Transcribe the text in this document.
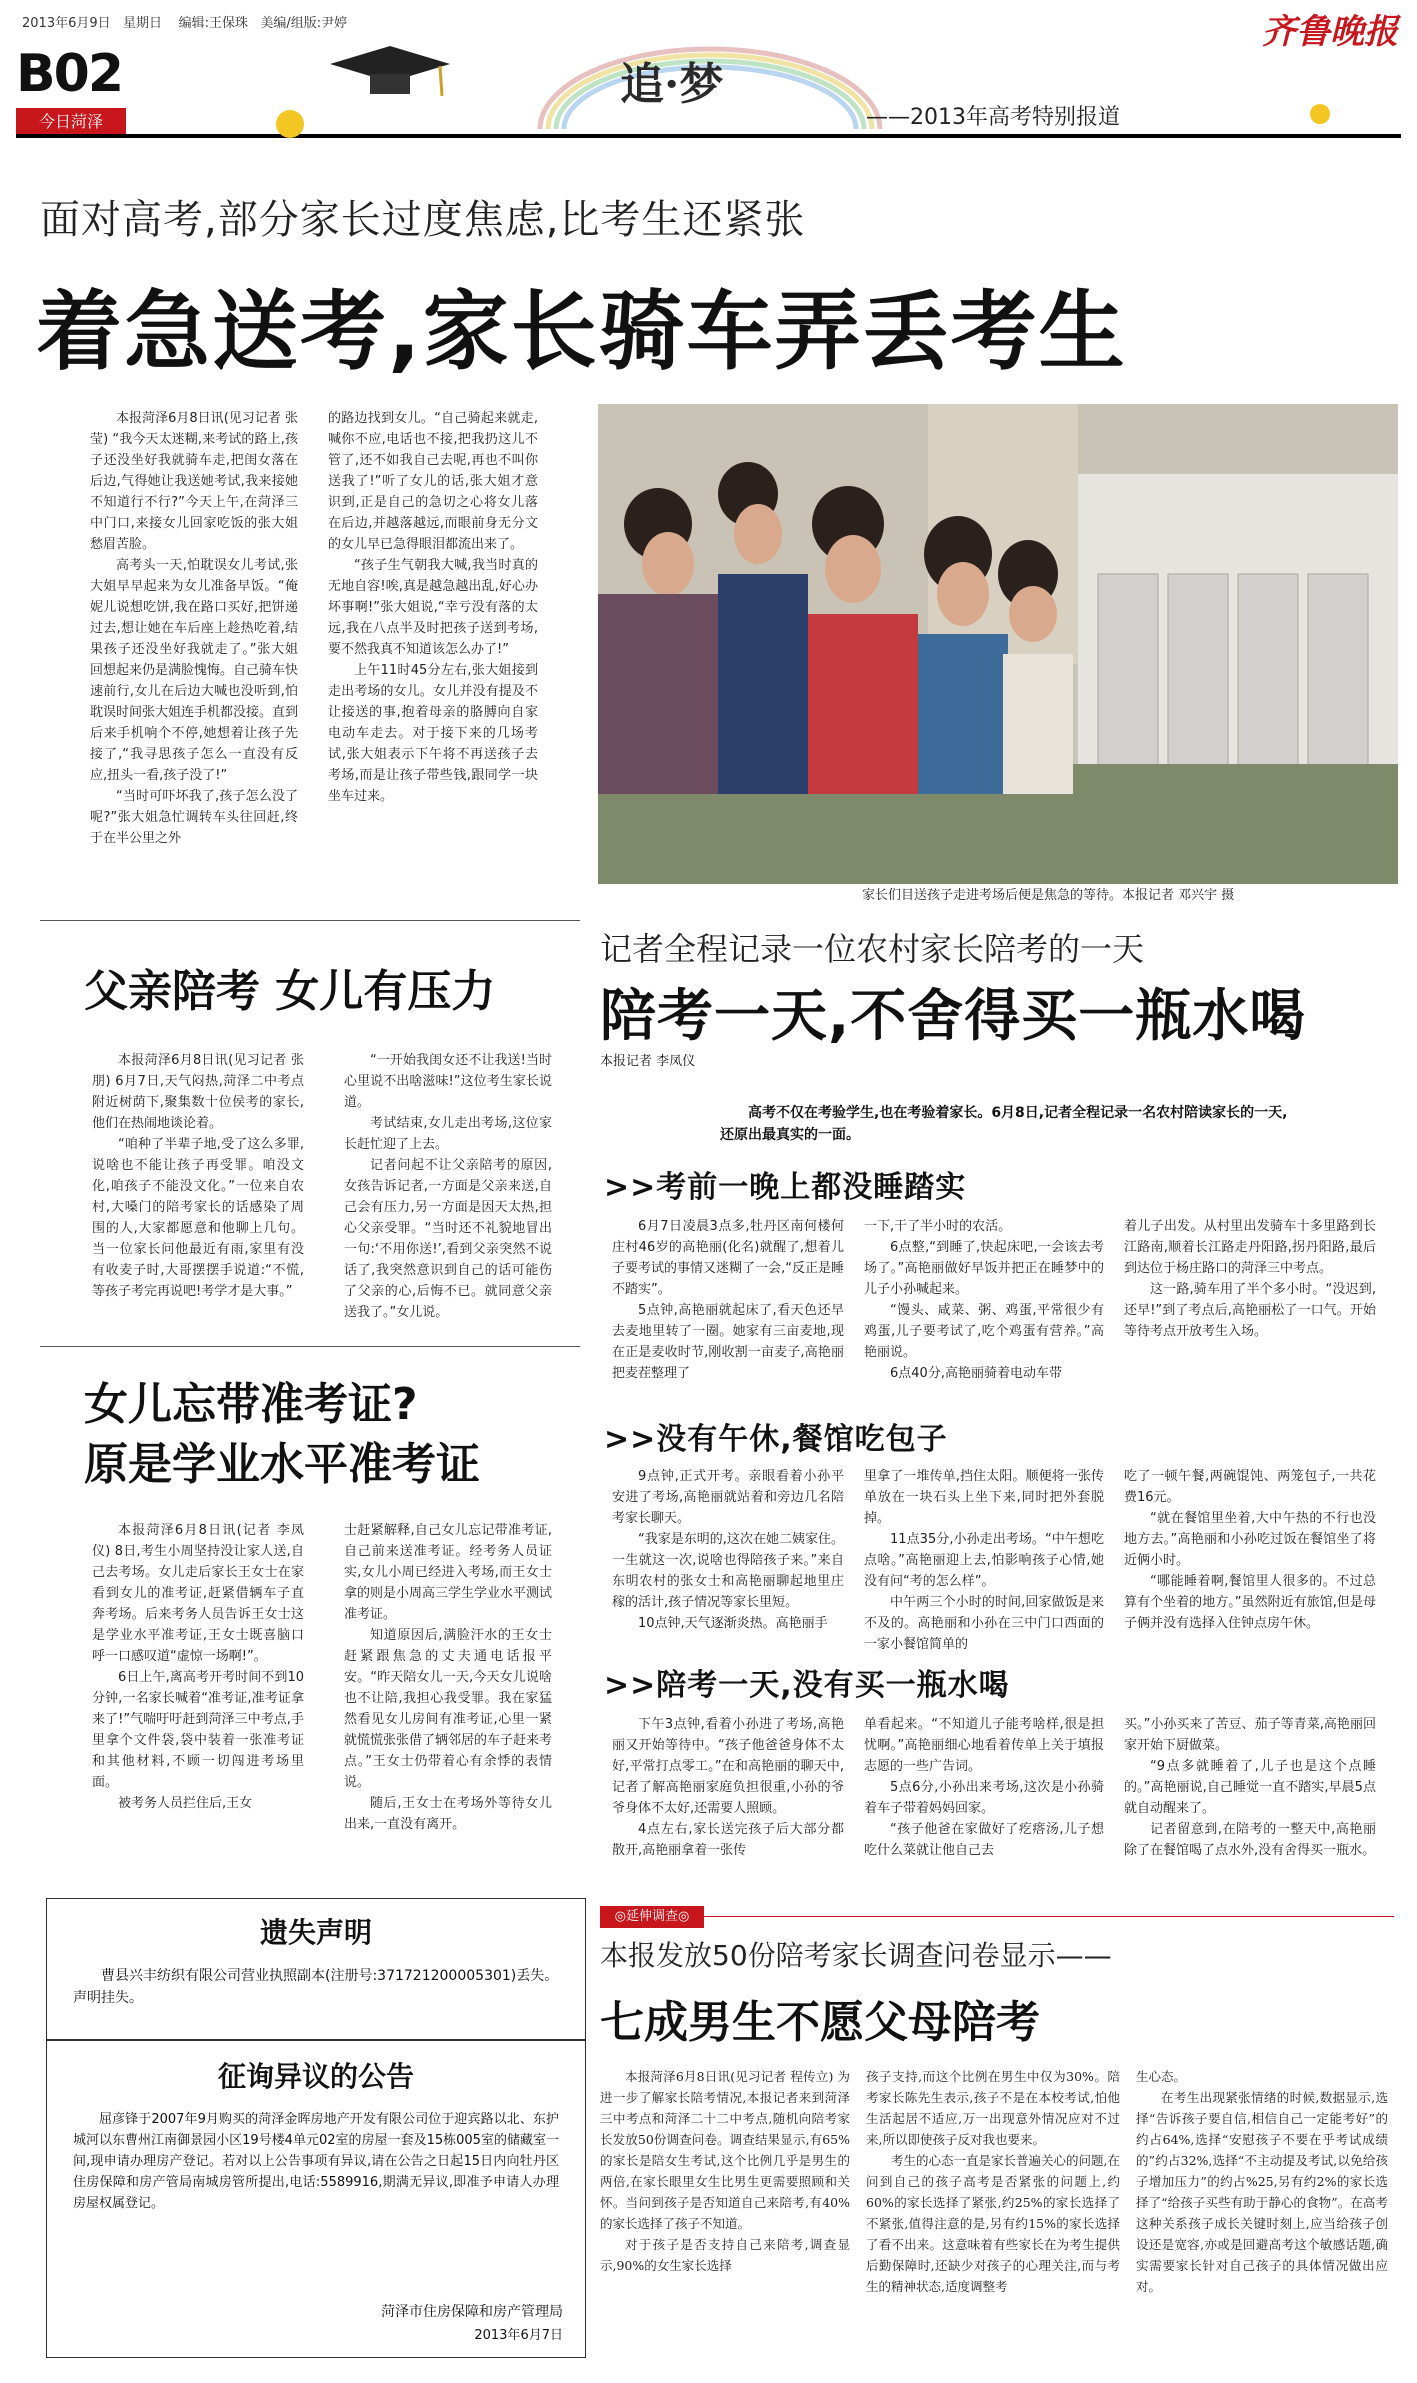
2013年6月9日 星期日 编辑:王保珠 美编/组版:尹婷	齐鲁晚报
B02
今日菏泽
追·梦
——2013年高考特别报道
面对高考,部分家长过度焦虑,比考生还紧张
着急送考,家长骑车弄丢考生

本报菏泽6月8日讯(见习记者 张莹) “我今天太迷糊,来考试的路上,孩子还没坐好我就骑车走,把闺女落在后边,气得她让我送她考试,我来接她不知道行不行?”今天上午,在菏泽三中门口,来接女儿回家吃饭的张大姐愁眉苦脸。

高考头一天,怕耽误女儿考试,张大姐早早起来为女儿准备早饭。“俺妮儿说想吃饼,我在路口买好,把饼递过去,想让她在车后座上趁热吃着,结果孩子还没坐好我就走了。”张大姐回想起来仍是满脸愧悔。自己骑车快速前行,女儿在后边大喊也没听到,怕耽误时间张大姐连手机都没接。直到后来手机响个不停,她想着让孩子先接了,“我寻思孩子怎么一直没有反应,扭头一看,孩子没了!”

“当时可吓坏我了,孩子怎么没了呢?”张大姐急忙调转车头往回赶,终于在半公里之外

的路边找到女儿。“自己骑起来就走,喊你不应,电话也不接,把我扔这儿不管了,还不如我自己去呢,再也不叫你送我了!”听了女儿的话,张大姐才意识到,正是自己的急切之心将女儿落在后边,并越落越远,而眼前身无分文的女儿早已急得眼泪都流出来了。

“孩子生气朝我大喊,我当时真的无地自容!唉,真是越急越出乱,好心办坏事啊!”张大姐说,“幸亏没有落的太远,我在八点半及时把孩子送到考场,要不然我真不知道该怎么办了!”

上午11时45分左右,张大姐接到走出考场的女儿。女儿并没有提及不让接送的事,抱着母亲的胳膊向自家电动车走去。对于接下来的几场考试,张大姐表示下午将不再送孩子去考场,而是让孩子带些钱,跟同学一块坐车过来。

家长们目送孩子走进考场后便是焦急的等待。本报记者 邓兴宇 摄
父亲陪考 女儿有压力

本报菏泽6月8日讯(见习记者 张朋) 6月7日,天气闷热,菏泽二中考点附近树荫下,聚集数十位侯考的家长,他们在热闹地谈论着。

“咱种了半辈子地,受了这么多罪,说啥也不能让孩子再受罪。咱没文化,咱孩子不能没文化。”一位来自农村,大嗓门的陪考家长的话感染了周围的人,大家都愿意和他聊上几句。当一位家长问他最近有雨,家里有没有收麦子时,大哥摆摆手说道:“不慌,等孩子考完再说吧!考学才是大事。”

“一开始我闺女还不让我送!当时心里说不出啥滋味!”这位考生家长说道。

考试结束,女儿走出考场,这位家长赶忙迎了上去。

记者问起不让父亲陪考的原因,女孩告诉记者,一方面是父亲来送,自己会有压力,另一方面是因天太热,担心父亲受罪。“当时还不礼貌地冒出一句:‘不用你送!’,看到父亲突然不说话了,我突然意识到自己的话可能伤了父亲的心,后悔不已。就同意父亲送我了。”女儿说。

女儿忘带准考证?
原是学业水平准考证

本报菏泽6月8日讯(记者 李凤仪) 8日,考生小周坚持没让家人送,自己去考场。女儿走后家长王女士在家看到女儿的准考证,赶紧借辆车子直奔考场。后来考务人员告诉王女士这是学业水平准考证,王女士既喜脑口呼一口感叹道“虚惊一场啊!”。

6日上午,离高考开考时间不到10分钟,一名家长喊着“准考证,准考证拿来了!”气喘吁吁赶到菏泽三中考点,手里拿个文件袋,袋中装着一张准考证和其他材料,不顾一切闯进考场里面。

被考务人员拦住后,王女

士赶紧解释,自己女儿忘记带准考证,自己前来送准考证。经考务人员证实,女儿小周已经进入考场,而王女士拿的则是小周高三学生学业水平测试准考证。

知道原因后,满脸汗水的王女士赶紧跟焦急的丈夫通电话报平安。“昨天陪女儿一天,今天女儿说啥也不让陪,我担心我受罪。我在家猛然看见女儿房间有准考证,心里一紧就慌慌张张借了辆邻居的车子赶来考点。”王女士仍带着心有余悸的表情说。

随后,王女士在考场外等待女儿出来,一直没有离开。

遗失声明
曹县兴丰纺织有限公司营业执照副本(注册号:371721200005301)丢失。声明挂失。
征询异议的公告
屈彦锋于2007年9月购买的菏泽金晖房地产开发有限公司位于迎宾路以北、东护城河以东曹州江南御景园小区19号楼4单元02室的房屋一套及15栋005室的储藏室一间,现申请办理房产登记。若对以上公告事项有异议,请在公告之日起15日内向牡丹区住房保障和房产管局南城房管所提出,电话:5589916,期满无异议,即准予申请人办理房屋权属登记。
菏泽市住房保障和房产管理局
2013年6月7日
记者全程记录一位农村家长陪考的一天
陪考一天,不舍得买一瓶水喝
本报记者 李凤仪
高考不仅在考验学生,也在考验着家长。6月8日,记者全程记录一名农村陪读家长的一天,还原出最真实的一面。
>>考前一晚上都没睡踏实

6月7日凌晨3点多,牡丹区南何楼何庄村46岁的高艳丽(化名)就醒了,想着儿子要考试的事情又迷糊了一会,“反正是睡不踏实”。

5点钟,高艳丽就起床了,看天色还早去麦地里转了一圈。她家有三亩麦地,现在正是麦收时节,刚收割一亩麦子,高艳丽把麦茬整理了

一下,干了半小时的农活。

6点整,“到睡了,快起床吧,一会该去考场了。”高艳丽做好早饭并把正在睡梦中的儿子小孙喊起来。

“馒头、咸菜、粥、鸡蛋,平常很少有鸡蛋,儿子要考试了,吃个鸡蛋有营养。”高艳丽说。

6点40分,高艳丽骑着电动车带

着儿子出发。从村里出发骑车十多里路到长江路南,顺着长江路走丹阳路,拐丹阳路,最后到达位于杨庄路口的菏泽三中考点。

这一路,骑车用了半个多小时。“没迟到,还早!”到了考点后,高艳丽松了一口气。开始等待考点开放考生入场。

>>没有午休,餐馆吃包子

9点钟,正式开考。亲眼看着小孙平安进了考场,高艳丽就站着和旁边几名陪考家长聊天。

“我家是东明的,这次在她二姨家住。一生就这一次,说啥也得陪孩子来。”来自东明农村的张女士和高艳丽聊起地里庄稼的活计,孩子情况等家长里短。

10点钟,天气逐渐炎热。高艳丽手

里拿了一堆传单,挡住太阳。顺便将一张传单放在一块石头上坐下来,同时把外套脱掉。

11点35分,小孙走出考场。“中午想吃点啥。”高艳丽迎上去,怕影响孩子心情,她没有问“考的怎么样”。

中午两三个小时的时间,回家做饭是来不及的。高艳丽和小孙在三中门口西面的一家小餐馆简单的

吃了一顿午餐,两碗馄饨、两笼包子,一共花费16元。

“就在餐馆里坐着,大中午热的不行也没地方去。”高艳丽和小孙吃过饭在餐馆坐了将近俩小时。

“哪能睡着啊,餐馆里人很多的。不过总算有个坐着的地方。”虽然附近有旅馆,但是母子俩并没有选择入住钟点房午休。

>>陪考一天,没有买一瓶水喝

下午3点钟,看着小孙进了考场,高艳丽又开始等待中。“孩子他爸爸身体不太好,平常打点零工。”在和高艳丽的聊天中,记者了解高艳丽家庭负担很重,小孙的爷爷身体不太好,还需要人照顾。

4点左右,家长送完孩子后大部分都散开,高艳丽拿着一张传

单看起来。“不知道儿子能考啥样,很是担忧啊。”高艳丽细心地看着传单上关于填报志愿的一些广告词。

5点6分,小孙出来考场,这次是小孙骑着车子带着妈妈回家。

“孩子他爸在家做好了疙瘩汤,儿子想吃什么菜就让他自己去

买。”小孙买来了苦豆、茄子等青菜,高艳丽回家开始下厨做菜。

“9点多就睡着了,儿子也是这个点睡的。”高艳丽说,自己睡觉一直不踏实,早晨5点就自动醒来了。

记者留意到,在陪考的一整天中,高艳丽除了在餐馆喝了点水外,没有舍得买一瓶水。

◎延伸调查◎
本报发放50份陪考家长调查问卷显示——
七成男生不愿父母陪考

本报菏泽6月8日讯(见习记者 程传立) 为进一步了解家长陪考情况,本报记者来到菏泽三中考点和菏泽二十二中考点,随机向陪考家长发放50份调查问卷。调查结果显示,有65%的家长是陪女生考试,这个比例几乎是男生的两倍,在家长眼里女生比男生更需要照顾和关怀。当问到孩子是否知道自己来陪考,有40%的家长选择了孩子不知道。

对于孩子是否支持自己来陪考,调查显示,90%的女生家长选择

孩子支持,而这个比例在男生中仅为30%。陪考家长陈先生表示,孩子不是在本校考试,怕他生活起居不适应,万一出现意外情况应对不过来,所以即使孩子反对我也要来。

考生的心态一直是家长普遍关心的问题,在问到自己的孩子高考是否紧张的问题上,约60%的家长选择了紧张,约25%的家长选择了不紧张,值得注意的是,另有约15%的家长选择了看不出来。这意味着有些家长在为考生提供后勤保障时,还缺少对孩子的心理关注,而与考生的精神状态,适度调整考

生心态。

在考生出现紧张情绪的时候,数据显示,选择“告诉孩子要自信,相信自己一定能考好”的约占64%,选择“安慰孩子不要在乎考试成绩的”约占32%,选择“不主动提及考试,以免给孩子增加压力”的约占%25,另有约2%的家长选择了“给孩子买些有助于静心的食物”。在高考这种关系孩子成长关键时刻上,应当给孩子创设还是宽容,亦或是回避高考这个敏感话题,确实需要家长针对自己孩子的具体情况做出应对。
